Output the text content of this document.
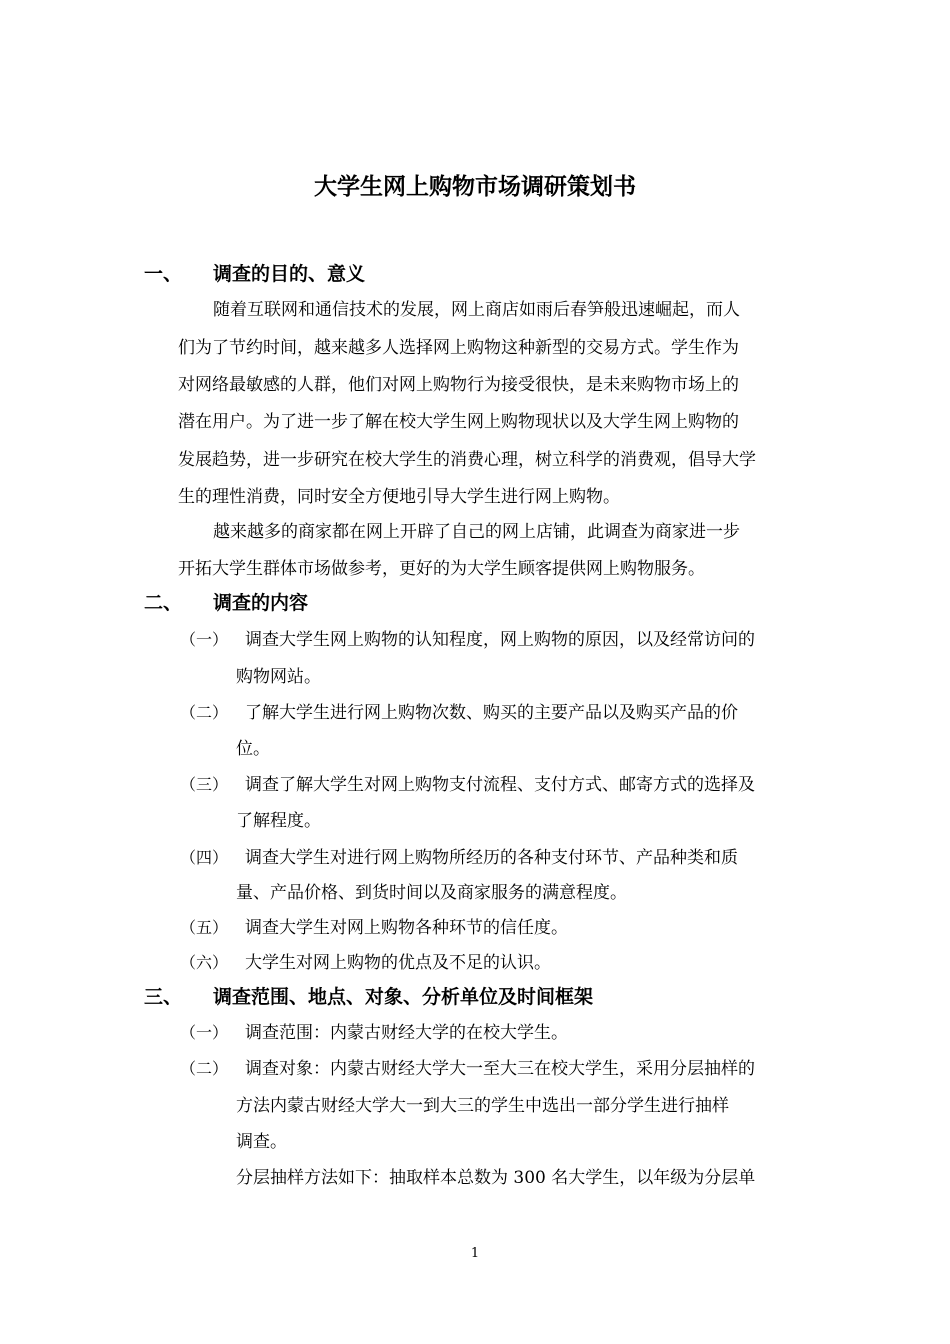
大学生网上购物市场调研策划书
一、 调查的目的、意义
随着互联网和通信技术的发展，网上商店如雨后春笋般迅速崛起，而人
们为了节约时间，越来越多人选择网上购物这种新型的交易方式。学生作为
对网络最敏感的人群，他们对网上购物行为接受很快，是未来购物市场上的
潜在用户。为了进一步了解在校大学生网上购物现状以及大学生网上购物的
发展趋势，进一步研究在校大学生的消费心理，树立科学的消费观，倡导大学
生的理性消费，同时安全方便地引导大学生进行网上购物。
越来越多的商家都在网上开辟了自己的网上店铺，此调查为商家进一步
开拓大学生群体市场做参考，更好的为大学生顾客提供网上购物服务。
二、 调查的内容
（一） 调查大学生网上购物的认知程度，网上购物的原因，以及经常访问的
购物网站。
（二） 了解大学生进行网上购物次数、购买的主要产品以及购买产品的价
位。
（三） 调查了解大学生对网上购物支付流程、支付方式、邮寄方式的选择及
了解程度。
（四） 调查大学生对进行网上购物所经历的各种支付环节、产品种类和质
量、产品价格、到货时间以及商家服务的满意程度。
（五） 调查大学生对网上购物各种环节的信任度。
（六） 大学生对网上购物的优点及不足的认识。
三、 调查范围、地点、对象、分析单位及时间框架
（一） 调查范围：内蒙古财经大学的在校大学生。
（二） 调查对象：内蒙古财经大学大一至大三在校大学生，采用分层抽样的
方法内蒙古财经大学大一到大三的学生中选出一部分学生进行抽样
调查。
分层抽样方法如下：抽取样本总数为 300 名大学生，以年级为分层单
1
